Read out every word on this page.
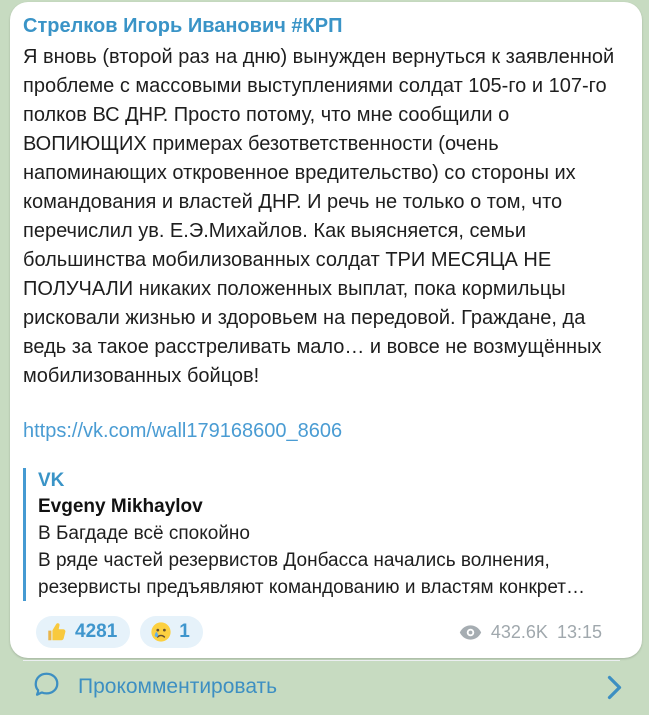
Стрелков Игорь Иванович #КРП
Я вновь (второй раз на дню) вынужден вернуться к заявленной проблеме с массовыми выступлениями солдат 105-го и 107-го полков ВС ДНР. Просто потому, что мне сообщили о ВОПИЮЩИХ примерах безответственности (очень напоминающих откровенное вредительство) со стороны их командования и властей ДНР. И речь не только о том, что перечислил ув. Е.Э.Михайлов. Как выясняется, семьи большинства мобилизованных солдат ТРИ МЕСЯЦА НЕ ПОЛУЧАЛИ никаких положенных выплат, пока кормильцы рисковали жизнью и здоровьем на передовой. Граждане, да ведь за такое расстреливать мало… и вовсе не возмущённых мобилизованных бойцов!
https://vk.com/wall179168600_8606
VK
Evgeny Mikhaylov
В Багдаде всё спокойно
В ряде частей резервистов Донбасса начались волнения, резервисты предъявляют командованию и властям конкрет…
4281	1	432.6K 13:15
Прокомментировать
